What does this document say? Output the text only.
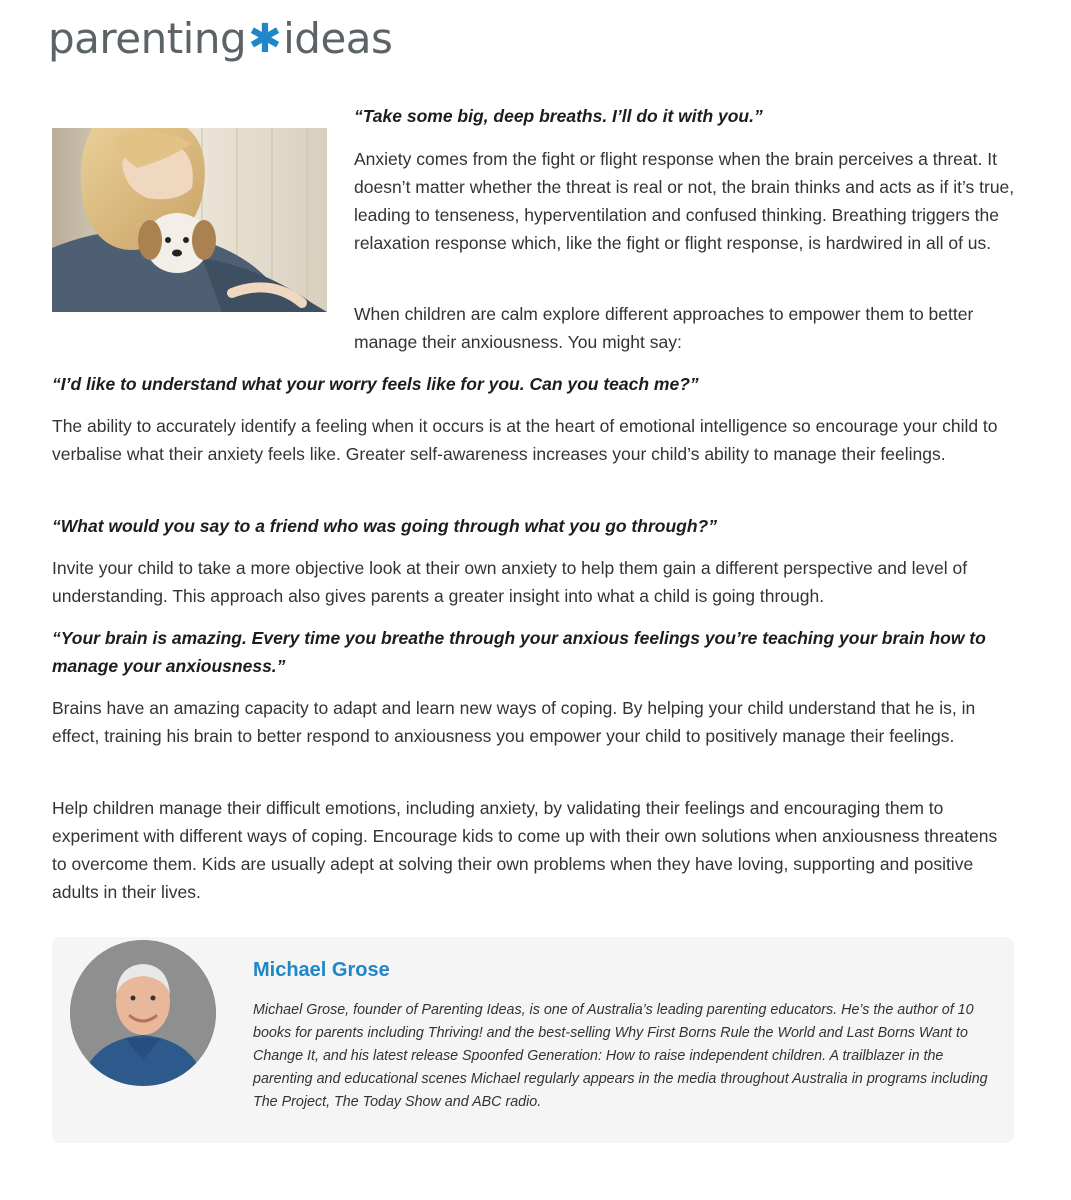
parenting ✱ ideas

“Take some big, deep breaths. I’ll do it with you.”

Anxiety comes from the fight or flight response when the brain perceives a threat. It doesn’t matter whether the threat is real or not, the brain thinks and acts as if it’s true, leading to tenseness, hyperventilation and confused thinking. Breathing triggers the relaxation response which, like the fight or flight response, is hardwired in all of us.

When children are calm explore different approaches to empower them to better manage their anxiousness. You might say:

“I’d like to understand what your worry feels like for you. Can you teach me?”

The ability to accurately identify a feeling when it occurs is at the heart of emotional intelligence so encourage your child to verbalise what their anxiety feels like. Greater self-awareness increases your child’s ability to manage their feelings.

“What would you say to a friend who was going through what you go through?”

Invite your child to take a more objective look at their own anxiety to help them gain a different perspective and level of understanding. This approach also gives parents a greater insight into what a child is going through.

“Your brain is amazing. Every time you breathe through your anxious feelings you’re teaching your brain how to manage your anxiousness.”

Brains have an amazing capacity to adapt and learn new ways of coping. By helping your child understand that he is, in effect, training his brain to better respond to anxiousness you empower your child to positively manage their feelings.

Help children manage their difficult emotions, including anxiety, by validating their feelings and encouraging them to experiment with different ways of coping. Encourage kids to come up with their own solutions when anxiousness threatens to overcome them. Kids are usually adept at solving their own problems when they have loving, supporting and positive adults in their lives.

Michael Grose

Michael Grose, founder of Parenting Ideas, is one of Australia’s leading parenting educators. He’s the author of 10 books for parents including Thriving! and the best-selling Why First Borns Rule the World and Last Borns Want to Change It, and his latest release Spoonfed Generation: How to raise independent children. A trailblazer in the parenting and educational scenes Michael regularly appears in the media throughout Australia in programs including The Project, The Today Show and ABC radio.
